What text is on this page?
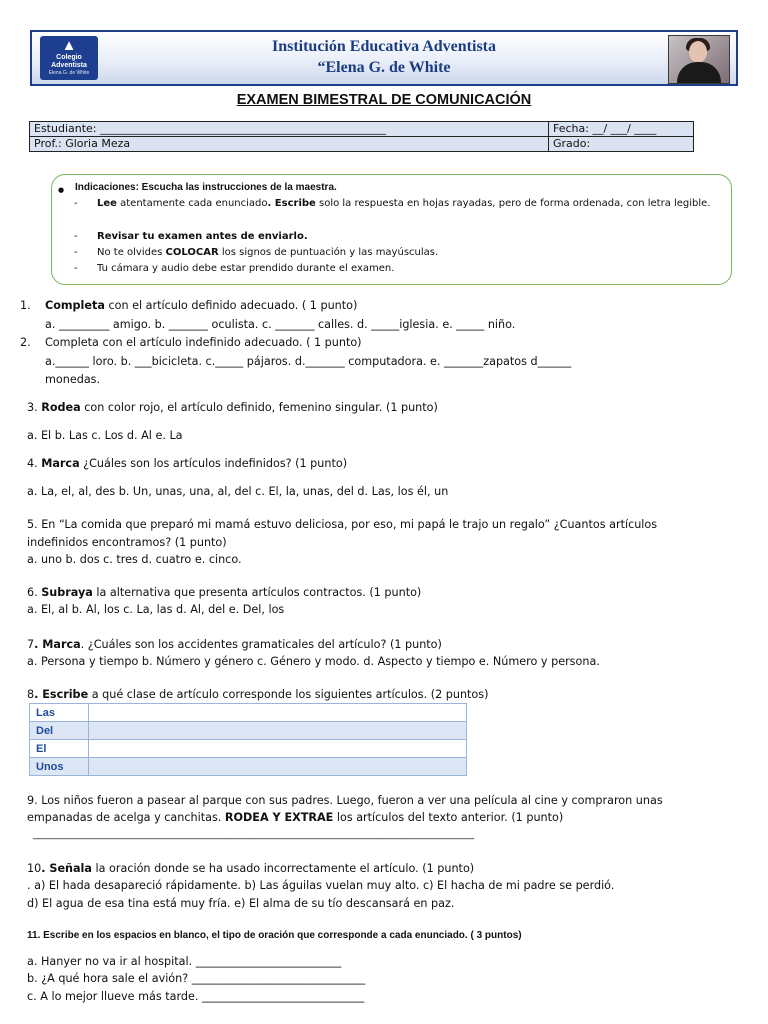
▲
Colegio
Adventista
Elena G. de White
Institución Educativa Adventista
“Elena G. de White
EXAMEN BIMESTRAL DE COMUNICACIÓN
Estudiante: ____________________________________________________	Fecha: __/ ___/ ____
Prof.: Gloria Meza	Grado:
● Indicaciones: Escucha las instrucciones de la maestra.
- Lee atentamente cada enunciado. Escribe solo la respuesta en hojas rayadas, pero de forma ordenada, con letra legible.
- Revisar tu examen antes de enviarlo.
- No te olvides COLOCAR los signos de puntuación y las mayúsculas.
- Tu cámara y audio debe estar prendido durante el examen.
1. Completa con el artículo definido adecuado. ( 1 punto)
a. _________ amigo. b. _______ oculista. c. _______ calles. d. _____iglesia. e. _____ niño.
2. Completa con el artículo indefinido adecuado. ( 1 punto)
a.______ loro. b. ___bicicleta. c._____ pájaros. d._______ computadora. e. _______zapatos d______
monedas.
3. Rodea con color rojo, el artículo definido, femenino singular. (1 punto)
a. El b. Las c. Los d. Al e. La
4. Marca ¿Cuáles son los artículos indefinidos? (1 punto)
a. La, el, al, des b. Un, unas, una, al, del c. El, la, unas, del d. Las, los él, un
5. En “La comida que preparó mi mamá estuvo deliciosa, por eso, mi papá le trajo un regalo” ¿Cuantos artículos
indefinidos encontramos? (1 punto)
a. uno b. dos c. tres d. cuatro e. cinco.
6. Subraya la alternativa que presenta artículos contractos. (1 punto)
a. El, al b. Al, los c. La, las d. Al, del e. Del, los
7. Marca. ¿Cuáles son los accidentes gramaticales del artículo? (1 punto)
a. Persona y tiempo b. Número y género c. Género y modo. d. Aspecto y tiempo e. Número y persona.
8. Escribe a qué clase de artículo corresponde los siguientes artículos. (2 puntos)
Las	
Del	
El	
Unos	
9. Los niños fueron a pasear al parque con sus padres. Luego, fueron a ver una película al cine y compraron unas
empanadas de acelga y canchitas. RODEA Y EXTRAE los artículos del texto anterior. (1 punto)
____________________________________________________________________________________________
10. Señala la oración donde se ha usado incorrectamente el artículo. (1 punto)
. a) El hada desapareció rápidamente. b) Las águilas vuelan muy alto. c) El hacha de mi padre se perdió.
d) El agua de esa tina está muy fría. e) El alma de su tío descansará en paz.
11. Escribe en los espacios en blanco, el tipo de oración que corresponde a cada enunciado. ( 3 puntos)
a. Hanyer no va ir al hospital. __________________________
b. ¿A qué hora sale el avión? _______________________________
c. A lo mejor llueve más tarde. _____________________________
